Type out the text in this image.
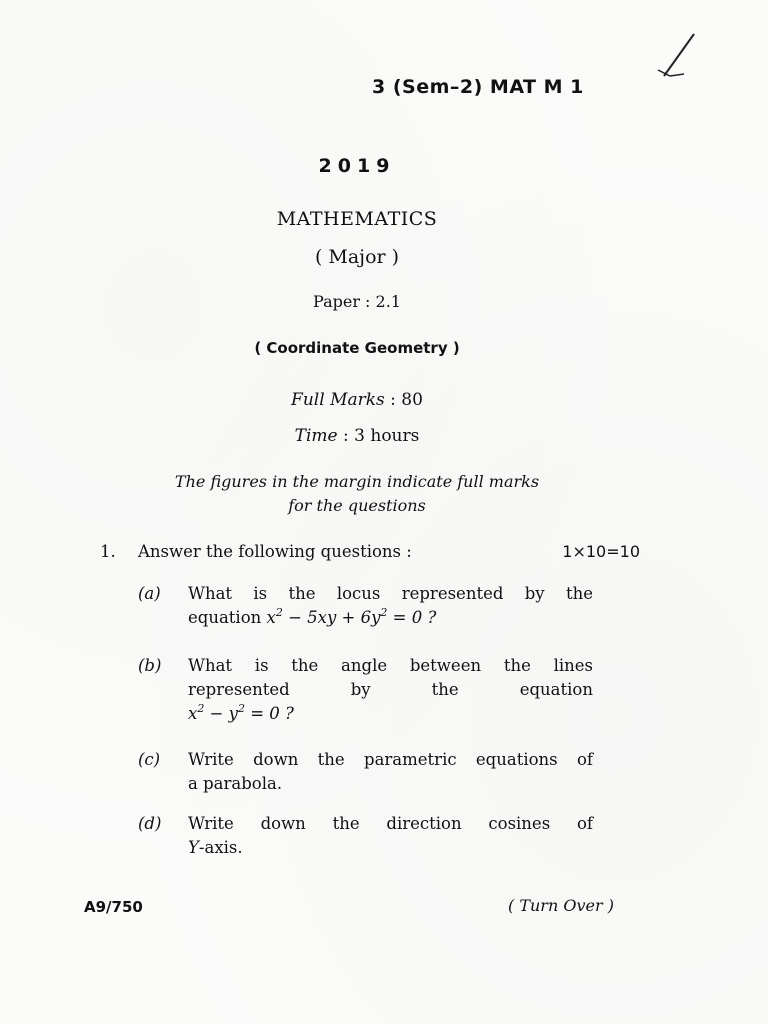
3 (Sem–2) MAT M 1
2019
MATHEMATICS
( Major )
Paper : 2.1
( Coordinate Geometry )
Full Marks : 80
Time : 3 hours
The figures in the margin indicate full marks
for the questions
1. Answer the following questions :	1×10=10
(a) What is the locus represented by the
equation $x^2 - 5xy + 6y^2 = 0$ ?
(b) What is the angle between the lines
represented by the equation
$x^2 - y^2 = 0$ ?
(c) Write down the parametric equations of
a parabola.
(d) Write down the direction cosines of
Y-axis.
A9/750	( Turn Over )
